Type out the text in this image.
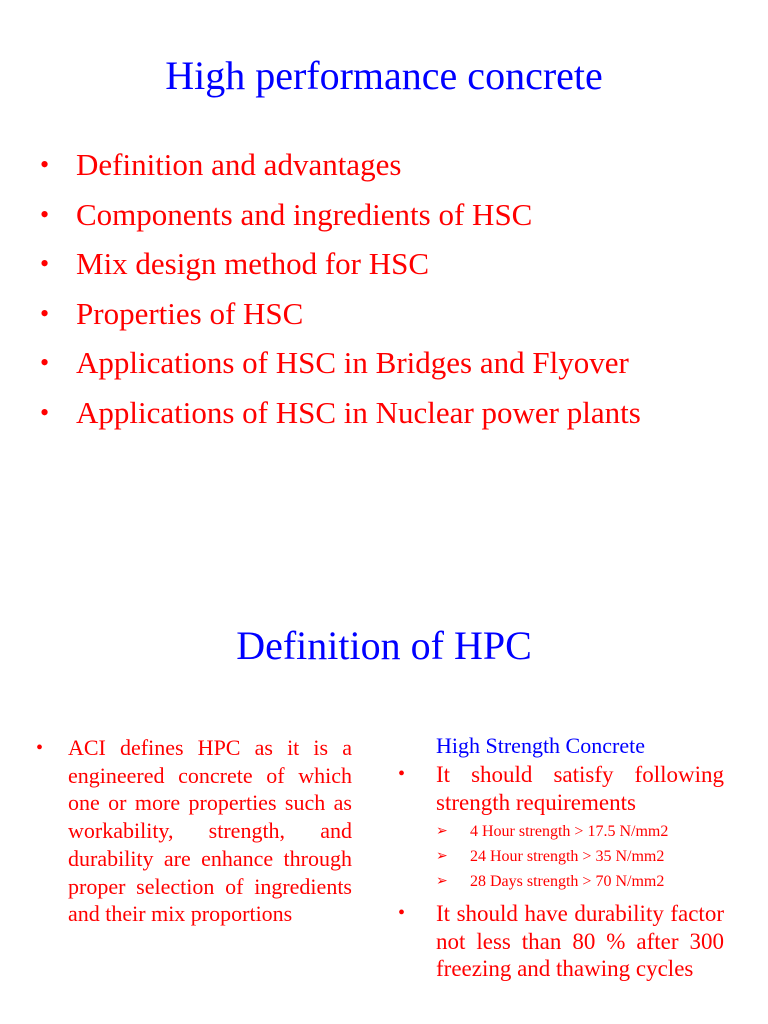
High performance concrete
• Definition and advantages
• Components and ingredients of HSC
• Mix design method for HSC
• Properties of HSC
• Applications of HSC in Bridges and Flyover
• Applications of HSC in Nuclear power plants
Definition of HPC
• ACI defines HPC as it is a engineered concrete of which one or more properties such as workability, strength, and durability are enhance through proper selection of ingredients and their mix proportions

High Strength Concrete
• It should satisfy following strength requirements
➢ 4 Hour strength > 17.5 N/mm2
➢ 24 Hour strength > 35 N/mm2
➢ 28 Days strength > 70 N/mm2
• It should have durability factor not less than 80 % after 300 freezing and thawing cycles
